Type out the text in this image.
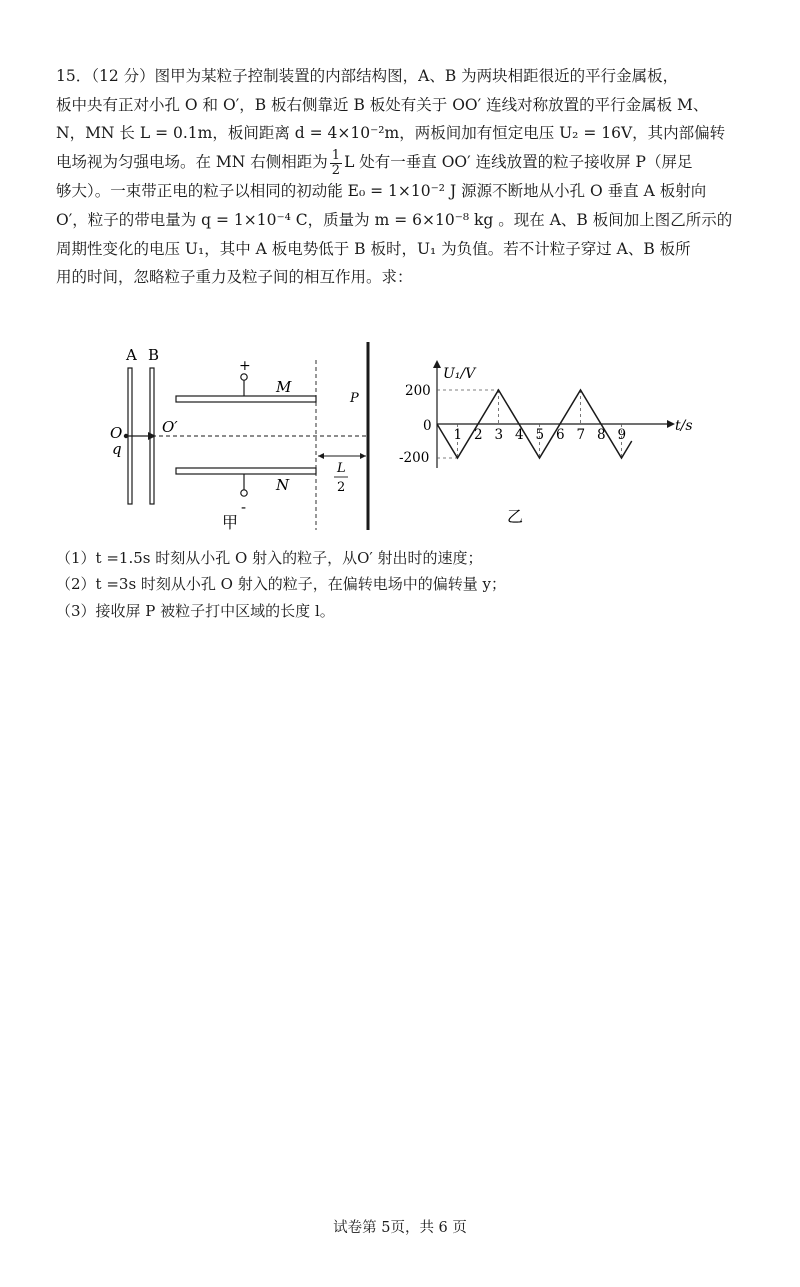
15．（12 分）图甲为某粒子控制装置的内部结构图，A、B 为两块相距很近的平行金属板，

板中央有正对小孔 O 和 O′，B 板右侧靠近 B 板处有关于 OO′ 连线对称放置的平行金属板 M、

N，MN 长 L = 0.1m，板间距离 d = 4×10⁻²m，两板间加有恒定电压 U₂ = 16V，其内部偏转

电场视为匀强电场。在 MN 右侧相距为 $\frac{1}{2}$ L 处有一垂直 OO′ 连线放置的粒子接收屏 P（屏足

够大）。一束带正电的粒子以相同的初动能 E₀ = 1×10⁻² J 源源不断地从小孔 O 垂直 A 板射向

O′，粒子的带电量为 q = 1×10⁻⁴ C，质量为 m = 6×10⁻⁸ kg 。现在 A、B 板间加上图乙所示的

周期性变化的电压 U₁，其中 A 板电势低于 B 板时，U₁ 为负值。若不计粒子穿过 A、B 板所

用的时间，忽略粒子重力及粒子间的相互作用。求：

A B
O
q
O′
+
-
M
N
P
L
2
甲
1 2 3 4 5 6 7 8 9
U₁/V
t/s
200
-200
0
乙

（1）t =1.5s 时刻从小孔 O 射入的粒子，从O′ 射出时的速度；

（2）t =3s 时刻从小孔 O 射入的粒子，在偏转电场中的偏转量 y；

（3）接收屏 P 被粒子打中区域的长度 l。

试卷第 5页，共 6 页
